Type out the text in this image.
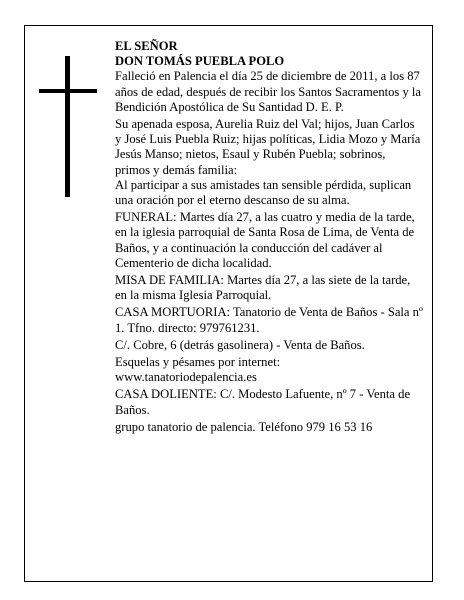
EL SEÑOR

DON TOMÁS PUEBLA POLO

Falleció en Palencia el día 25 de diciembre de 2011, a los 87 años de edad, después de recibir los Santos Sacramentos y la Bendición Apostólica de Su Santidad D. E. P.

Su apenada esposa, Aurelia Ruiz del Val; hijos, Juan Carlos y José Luis Puebla Ruiz; hijas políticas, Lidia Mozo y María Jesús Manso; nietos, Esaul y Rubén Puebla; sobrinos, primos y demás familia:

Al participar a sus amistades tan sensible pérdida, suplican una oración por el eterno descanso de su alma.

FUNERAL: Martes día 27, a las cuatro y media de la tarde, en la iglesia parroquial de Santa Rosa de Lima, de Venta de Baños, y a continuación la conducción del cadáver al Cementerio de dicha localidad.

MISA DE FAMILIA: Martes día 27, a las siete de la tarde, en la misma Iglesia Parroquial.

CASA MORTUORIA: Tanatorio de Venta de Baños - Sala nº 1. Tfno. directo: 979761231.

C/. Cobre, 6 (detrás gasolinera) - Venta de Baños.

Esquelas y pésames por internet:

www.tanatoriodepalencia.es

CASA DOLIENTE: C/. Modesto Lafuente, nº 7 - Venta de Baños.

grupo tanatorio de palencia. Teléfono 979 16 53 16
